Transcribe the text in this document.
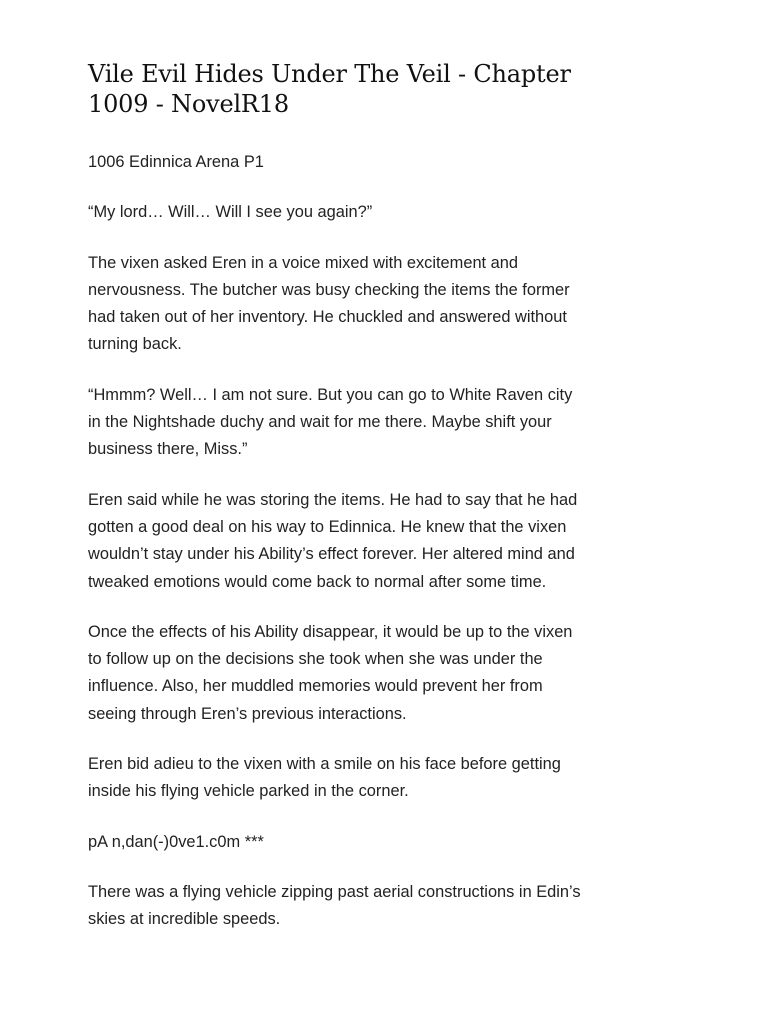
Vile Evil Hides Under The Veil - Chapter 1009 - NovelR18

1006 Edinnica Arena P1

“My lord… Will… Will I see you again?”

The vixen asked Eren in a voice mixed with excitement and nervousness. The butcher was busy checking the items the former had taken out of her inventory. He chuckled and answered without turning back.

“Hmmm? Well… I am not sure. But you can go to White Raven city in the Nightshade duchy and wait for me there. Maybe shift your business there, Miss.”

Eren said while he was storing the items. He had to say that he had gotten a good deal on his way to Edinnica. He knew that the vixen wouldn’t stay under his Ability’s effect forever. Her altered mind and tweaked emotions would come back to normal after some time.

Once the effects of his Ability disappear, it would be up to the vixen to follow up on the decisions she took when she was under the influence. Also, her muddled memories would prevent her from seeing through Eren’s previous interactions.

Eren bid adieu to the vixen with a smile on his face before getting inside his flying vehicle parked in the corner.

pA n,dan(-)0ve1.c0m ***

There was a flying vehicle zipping past aerial constructions in Edin’s skies at incredible speeds.
